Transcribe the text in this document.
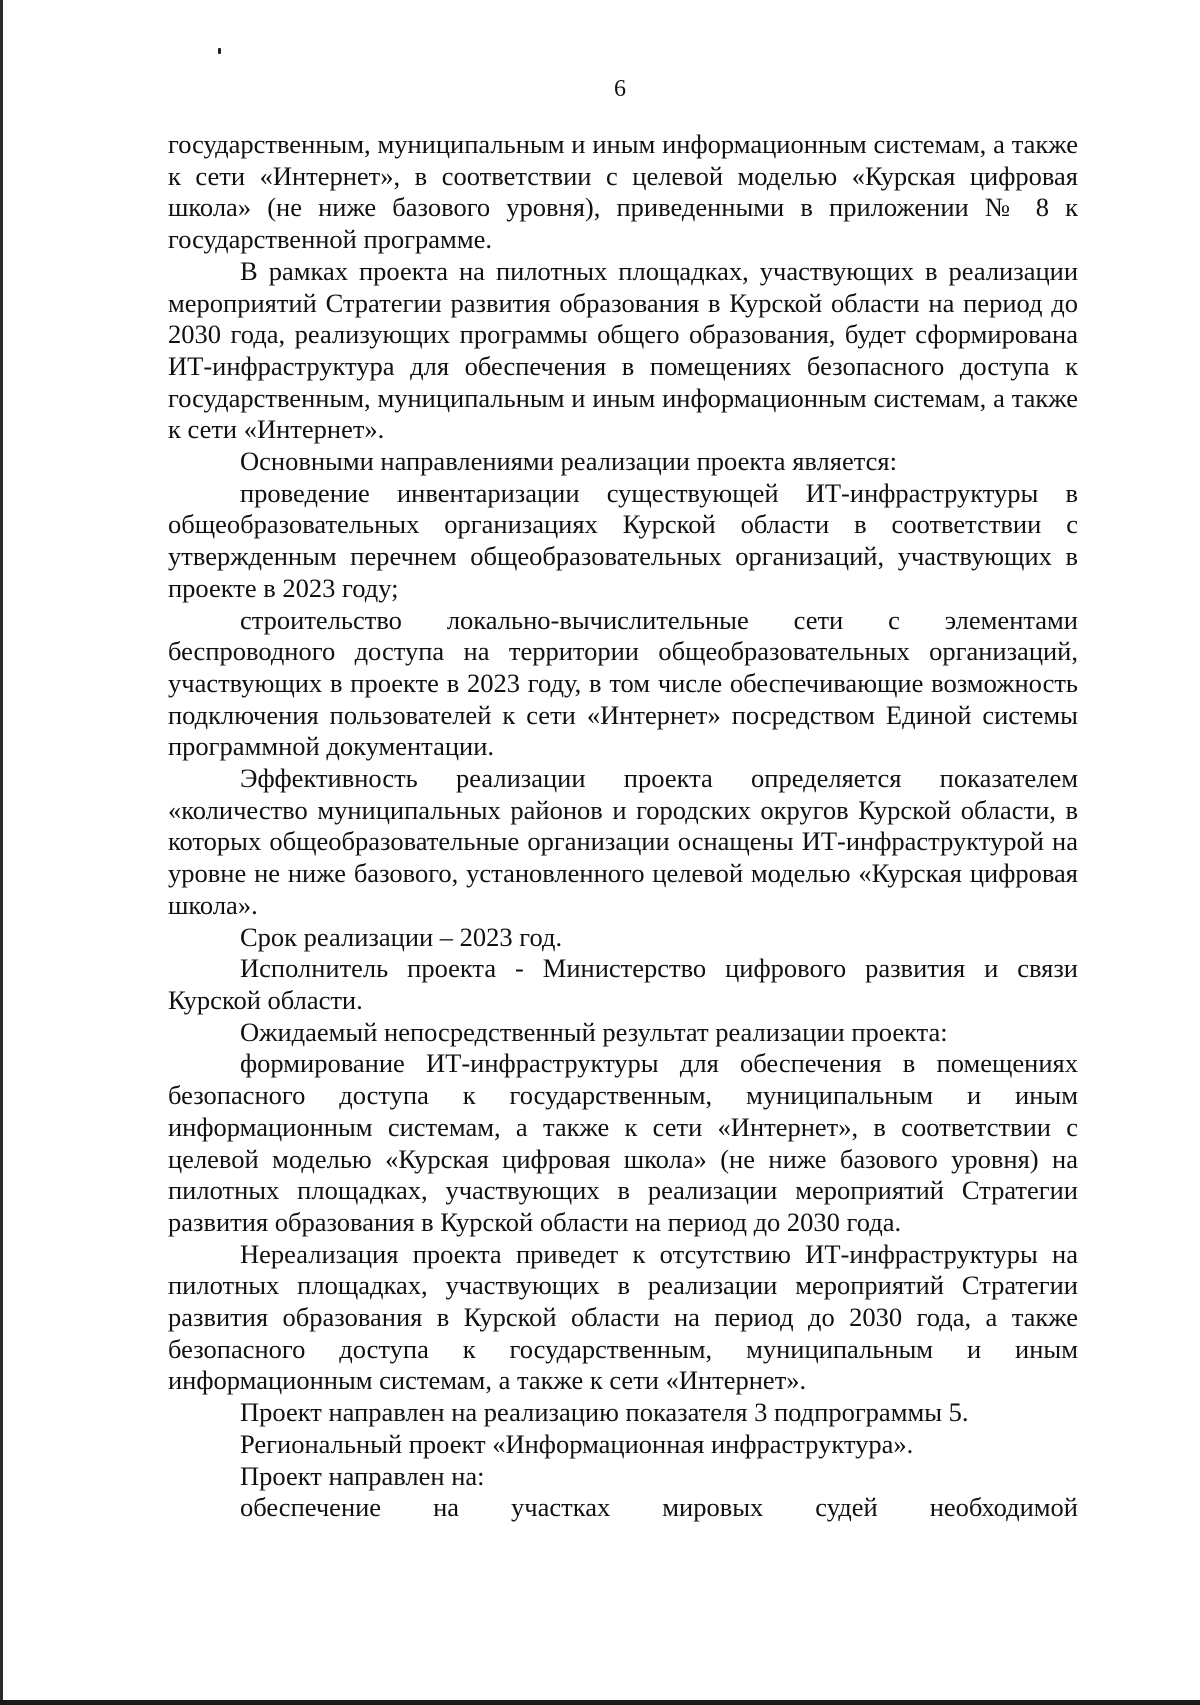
6

государственным, муниципальным и иным информационным системам, а также к сети «Интернет», в соответствии с целевой моделью «Курская цифровая школа» (не ниже базового уровня), приведенными в приложении № 8 к государственной программе.

В рамках проекта на пилотных площадках, участвующих в реализации мероприятий Стратегии развития образования в Курской области на период до 2030 года, реализующих программы общего образования, будет сформирована ИТ-инфраструктура для обеспечения в помещениях безопасного доступа к государственным, муниципальным и иным информационным системам, а также к сети «Интернет».

Основными направлениями реализации проекта является:

проведение инвентаризации существующей ИТ-инфраструктуры в общеобразовательных организациях Курской области в соответствии с утвержденным перечнем общеобразовательных организаций, участвующих в проекте в 2023 году;

строительство локально-вычислительные сети с элементами беспроводного доступа на территории общеобразовательных организаций, участвующих в проекте в 2023 году, в том числе обеспечивающие возможность подключения пользователей к сети «Интернет» посредством Единой системы программной документации.

Эффективность реализации проекта определяется показателем «количество муниципальных районов и городских округов Курской области, в которых общеобразовательные организации оснащены ИТ-инфраструктурой на уровне не ниже базового, установленного целевой моделью «Курская цифровая школа».

Срок реализации – 2023 год.

Исполнитель проекта - Министерство цифрового развития и связи Курской области.

Ожидаемый непосредственный результат реализации проекта:

формирование ИТ-инфраструктуры для обеспечения в помещениях безопасного доступа к государственным, муниципальным и иным информационным системам, а также к сети «Интернет», в соответствии с целевой моделью «Курская цифровая школа» (не ниже базового уровня) на пилотных площадках, участвующих в реализации мероприятий Стратегии развития образования в Курской области на период до 2030 года.

Нереализация проекта приведет к отсутствию ИТ-инфраструктуры на пилотных площадках, участвующих в реализации мероприятий Стратегии развития образования в Курской области на период до 2030 года, а также безопасного доступа к государственным, муниципальным и иным информационным системам, а также к сети «Интернет».

Проект направлен на реализацию показателя 3 подпрограммы 5.

Региональный проект «Информационная инфраструктура».

Проект направлен на:

обеспечение на участках мировых судей необходимой
